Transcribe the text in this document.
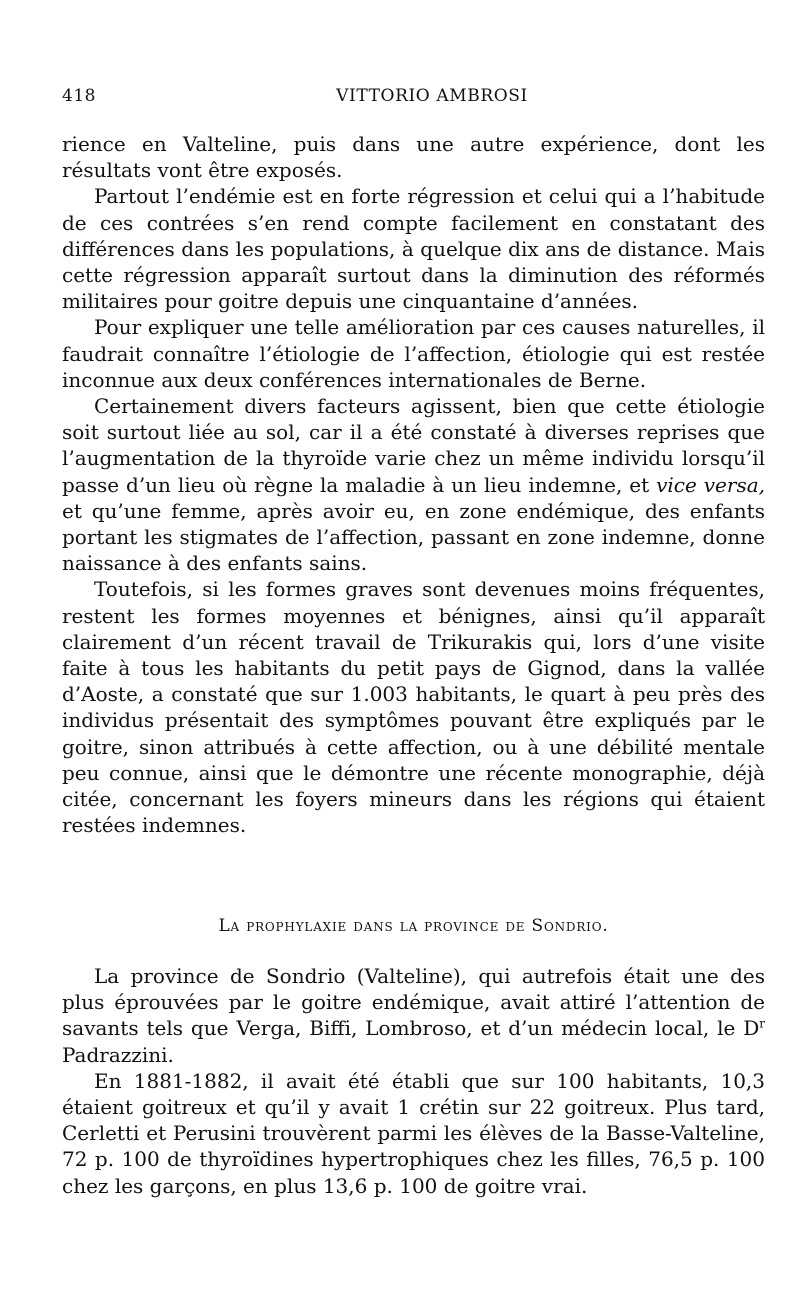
418	VITTORIO AMBROSI

rience en Valteline, puis dans une autre expérience, dont les résultats vont être exposés.

Partout l’endémie est en forte régression et celui qui a l’habitude de ces contrées s’en rend compte facilement en constatant des différences dans les populations, à quelque dix ans de distance. Mais cette régression apparaît surtout dans la diminution des réformés militaires pour goitre depuis une cinquantaine d’années.

Pour expliquer une telle amélioration par ces causes naturelles, il faudrait connaître l’étiologie de l’affection, étiologie qui est restée inconnue aux deux conférences internationales de Berne.

Certainement divers facteurs agissent, bien que cette étiologie soit surtout liée au sol, car il a été constaté à diverses reprises que l’augmentation de la thyroïde varie chez un même individu lorsqu’il passe d’un lieu où règne la maladie à un lieu indemne, et vice versa, et qu’une femme, après avoir eu, en zone endémique, des enfants portant les stigmates de l’affection, passant en zone indemne, donne naissance à des enfants sains.

Toutefois, si les formes graves sont devenues moins fréquentes, restent les formes moyennes et bénignes, ainsi qu’il apparaît clairement d’un récent travail de Trikurakis qui, lors d’une visite faite à tous les habitants du petit pays de Gignod, dans la vallée d’Aoste, a constaté que sur 1.003 habitants, le quart à peu près des individus présentait des symptômes pouvant être expliqués par le goitre, sinon attribués à cette affection, ou à une débilité mentale peu connue, ainsi que le démontre une récente monographie, déjà citée, concernant les foyers mineurs dans les régions qui étaient restées indemnes.

La prophylaxie dans la province de Sondrio.

La province de Sondrio (Valteline), qui autrefois était une des plus éprouvées par le goitre endémique, avait attiré l’attention de savants tels que Verga, Biffi, Lombroso, et d’un médecin local, le $D^r$ Padrazzini.

En 1881-1882, il avait été établi que sur 100 habitants, 10,3 étaient goitreux et qu’il y avait 1 crétin sur 22 goitreux. Plus tard, Cerletti et Perusini trouvèrent parmi les élèves de la Basse-Valteline, 72 p. 100 de thyroïdines hypertrophiques chez les filles, 76,5 p. 100 chez les garçons, en plus 13,6 p. 100 de goitre vrai.
